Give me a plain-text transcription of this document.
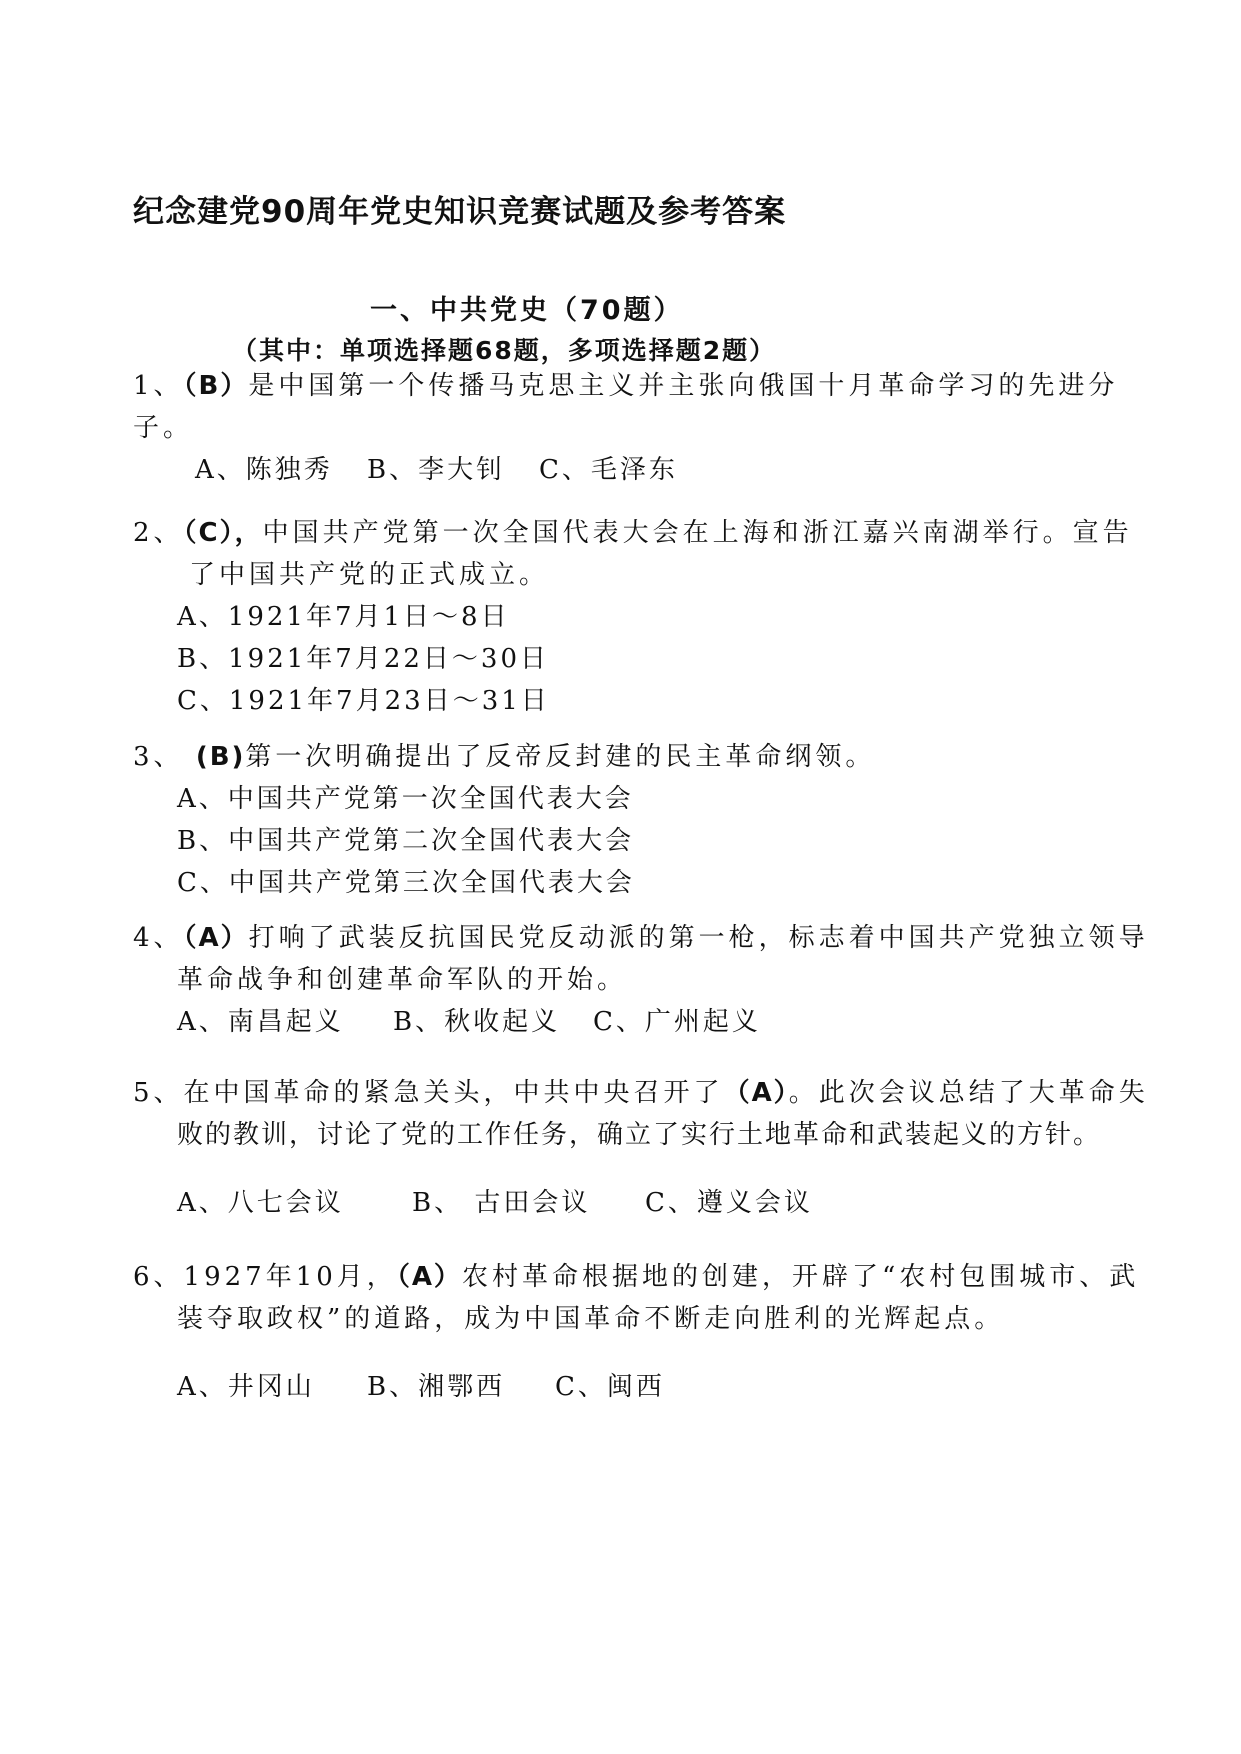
纪念建党90周年党史知识竞赛试题及参考答案
一、中共党史（70题）
（其中：单项选择题68题，多项选择题2题）
1、（B）是中国第一个传播马克思主义并主张向俄国十月革命学习的先进分
子。
A、陈独秀 B、李大钊 C、毛泽东
2、（C），中国共产党第一次全国代表大会在上海和浙江嘉兴南湖举行。宣告
了中国共产党的正式成立。
A、1921年7月1日～8日
B、1921年7月22日～30日
C、1921年7月23日～31日
3、 (B)第一次明确提出了反帝反封建的民主革命纲领。
A、中国共产党第一次全国代表大会
B、中国共产党第二次全国代表大会
C、中国共产党第三次全国代表大会
4、（A）打响了武装反抗国民党反动派的第一枪，标志着中国共产党独立领导
革命战争和创建革命军队的开始。
A、南昌起义 B、秋收起义 C、广州起义
5、在中国革命的紧急关头，中共中央召开了（A）。此次会议总结了大革命失
败的教训，讨论了党的工作任务，确立了实行土地革命和武装起义的方针。
A、八七会议	B、 古田会议 C、遵义会议
6、1927年10月，（A）农村革命根据地的创建，开辟了“农村包围城市、武
装夺取政权”的道路，成为中国革命不断走向胜利的光辉起点。
A、井冈山 B、湘鄂西 C、闽西
